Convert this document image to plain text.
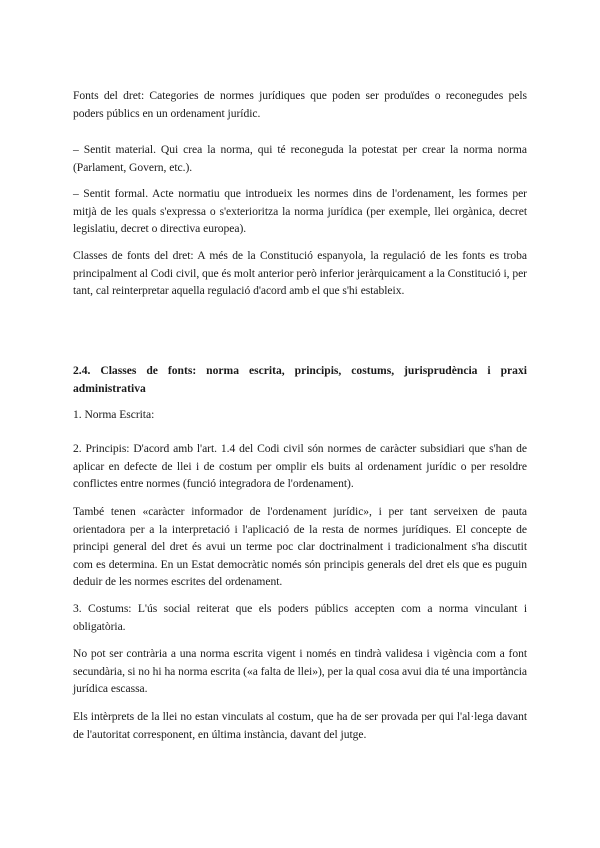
Fonts del dret: Categories de normes jurídiques que poden ser produïdes o reconegudes pels poders públics en un ordenament jurídic.

– Sentit material. Qui crea la norma, qui té reconeguda la potestat per crear la norma norma (Parlament, Govern, etc.).

– Sentit formal. Acte normatiu que introdueix les normes dins de l'ordenament, les formes per mitjà de les quals s'expressa o s'exterioritza la norma jurídica (per exemple, llei orgànica, decret legislatiu, decret o directiva europea).

Classes de fonts del dret: A més de la Constitució espanyola, la regulació de les fonts es troba principalment al Codi civil, que és molt anterior però inferior jeràrquicament a la Constitució i, per tant, cal reinterpretar aquella regulació d'acord amb el que s'hi estableix.

2.4. Classes de fonts: norma escrita, principis, costums, jurisprudència i praxi administrativa

1. Norma Escrita:

2. Principis: D'acord amb l'art. 1.4 del Codi civil són normes de caràcter subsidiari que s'han de aplicar en defecte de llei i de costum per omplir els buits al ordenament jurídic o per resoldre conflictes entre normes (funció integradora de l'ordenament).

També tenen «caràcter informador de l'ordenament jurídic», i per tant serveixen de pauta orientadora per a la interpretació i l'aplicació de la resta de normes jurídiques. El concepte de principi general del dret és avui un terme poc clar doctrinalment i tradicionalment s'ha discutit com es determina. En un Estat democràtic només són principis generals del dret els que es puguin deduir de les normes escrites del ordenament.

3. Costums: L'ús social reiterat que els poders públics accepten com a norma vinculant i obligatòria.

No pot ser contrària a una norma escrita vigent i només en tindrà validesa i vigència com a font secundària, si no hi ha norma escrita («a falta de llei»), per la qual cosa avui dia té una importància jurídica escassa.

Els intèrprets de la llei no estan vinculats al costum, que ha de ser provada per qui l'al·lega davant de l'autoritat corresponent, en última instància, davant del jutge.
